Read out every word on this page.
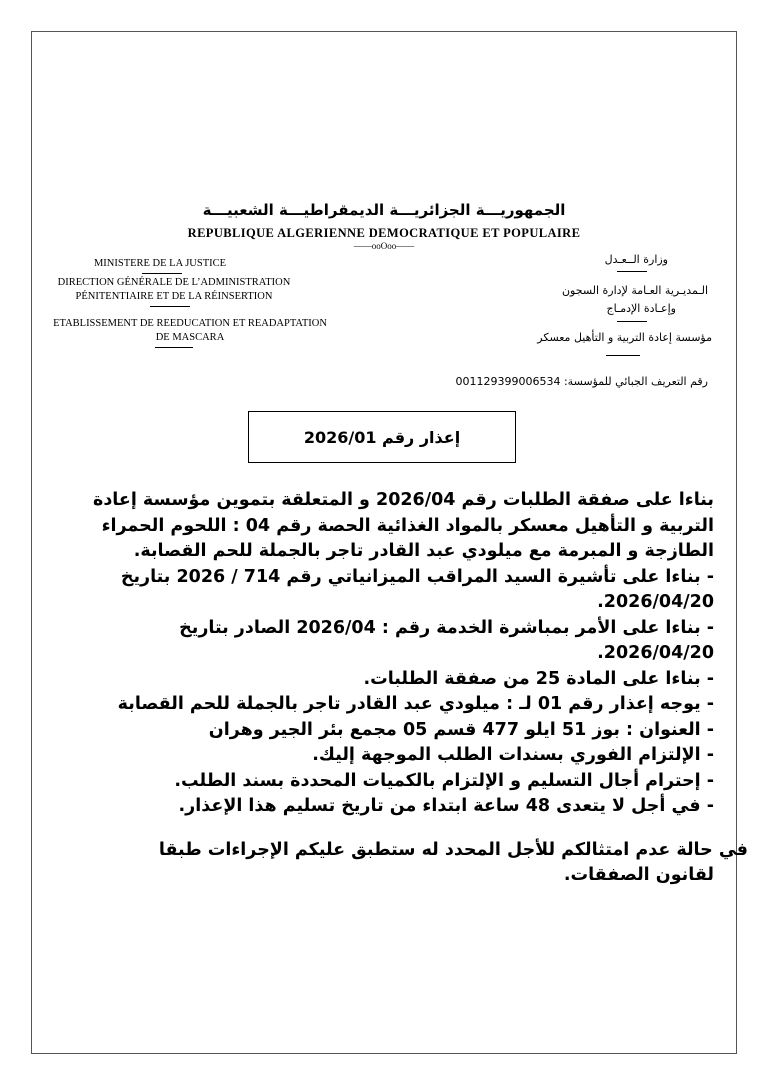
الجمهوريـــة الجزائريـــة الديمقراطيـــة الشعبيـــة
REPUBLIQUE ALGERIENNE DEMOCRATIQUE ET POPULAIRE
——ooOoo——
MINISTERE DE LA JUSTICE
DIRECTION GÉNÉRALE DE L’ADMINISTRATION
PÉNITENTIAIRE ET DE LA RÉINSERTION
ETABLISSEMENT DE REEDUCATION ET READAPTATION
DE MASCARA
وزارة الــعـدل
الـمديـرية العـامة لإدارة السجون
وإعـادة الإدمـاج
مؤسسة إعادة التربية و التأهيل معسكر
رقم التعريف الجبائي للمؤسسة: 001129399006534
إعذار رقم 2026/01

بناءا على صفقة الطلبات رقم 2026/04 و المتعلقة بتموين مؤسسة إعادة

التربية و التأهيل معسكر بالمواد الغذائية الحصة رقم 04 : اللحوم الحمراء

الطازجة و المبرمة مع ميلودي عبد القادر تاجر بالجملة للحم القصابة.

- بناءا على تأشيرة السيد المراقب الميزانياتي رقم 714 / 2026 بتاريخ

2026/04/20.

- بناءا على الأمر بمباشرة الخدمة رقم : 2026/04 الصادر بتاريخ

2026/04/20.

- بناءا على المادة 25 من صفقة الطلبات.

- يوجه إعذار رقم 01 لـ : ميلودي عبد القادر تاجر بالجملة للحم القصابة

- العنوان : بوز 51 ايلو 477 قسم 05 مجمع بئر الجير وهران

- الإلتزام الفوري بسندات الطلب الموجهة إليك.

- إحترام أجال التسليم و الإلتزام بالكميات المحددة بسند الطلب.

- في أجل لا يتعدى 48 ساعة ابتداء من تاريخ تسليم هذا الإعذار.

في حالة عدم امتثالكم للأجل المحدد له ستطبق عليكم الإجراءات طبقا

لقانون الصفقات.
